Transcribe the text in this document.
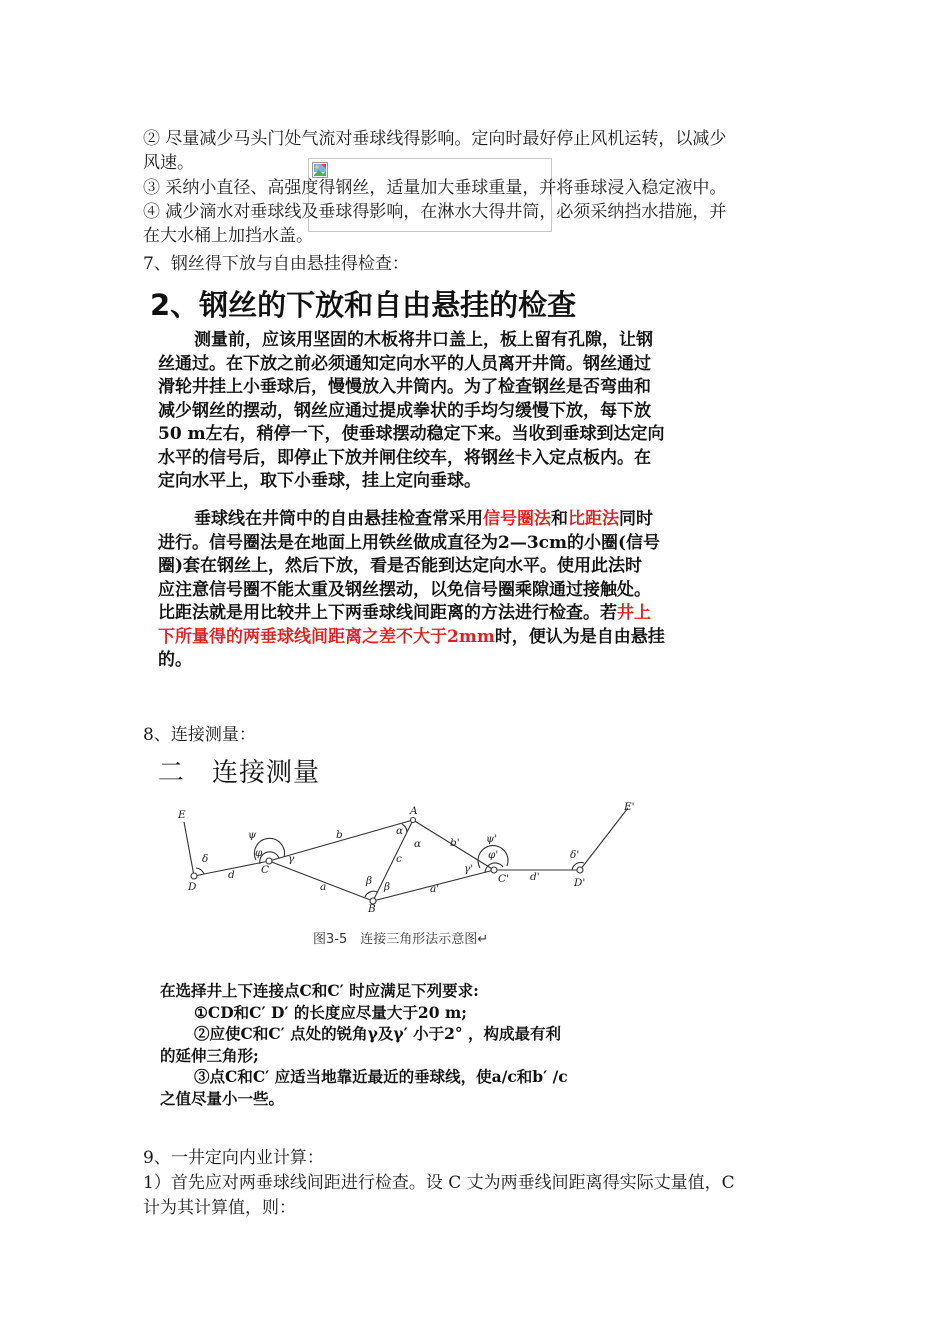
② 尽量减少马头门处气流对垂球线得影响。定向时最好停止风机运转，以减少
风速。
③ 采纳小直径、高强度得钢丝，适量加大垂球重量，并将垂球浸入稳定液中。
④ 减少滴水对垂球线及垂球得影响，在淋水大得井筒，必须采纳挡水措施，并
在大水桶上加挡水盖。
7、钢丝得下放与自由悬挂得检查：
2、钢丝的下放和自由悬挂的检查
测量前，应该用坚固的木板将井口盖上，板上留有孔隙，让钢
丝通过。在下放之前必须通知定向水平的人员离开井筒。钢丝通过
滑轮井挂上小垂球后，慢慢放入井筒内。为了检查钢丝是否弯曲和
减少钢丝的摆动，钢丝应通过提成拳状的手均匀缓慢下放，每下放
50 m左右，稍停一下，使垂球摆动稳定下来。当收到垂球到达定向
水平的信号后，即停止下放并闸住绞车，将钢丝卡入定点板内。在
定向水平上，取下小垂球，挂上定向垂球。
垂球线在井筒中的自由悬挂检查常采用信号圈法和比距法同时
进行。信号圈法是在地面上用铁丝做成直径为2—3cm的小圈(信号
圈)套在钢丝上，然后下放，看是否能到达定向水平。使用此法时
应注意信号圈不能太重及钢丝摆动，以免信号圈乘隙通过接触处。
比距法就是用比较井上下两垂球线间距离的方法进行检查。若井上
下所量得的两垂球线间距离之差不大于2mm时，便认为是自由悬挂
的。
8、连接测量：
二　连接测量
E
D
d
δ
ψ
φ
C
γ
b
a
A
α
α
c
β β
B
b'
a'
γ'
ψ'
φ'
C' d'
δ'
D'
E'
图3-5　连接三角形法示意图↵
在选择井上下连接点C和C′ 时应满足下列要求:
①CD和C′ D′ 的长度应尽量大于20 m;
②应使C和C′ 点处的锐角γ及γ′ 小于2° ，构成最有利
的延伸三角形;
③点C和C′ 应适当地靠近最近的垂球线，使a/c和b′ /c
之值尽量小一些。
9、一井定向内业计算：
1）首先应对两垂球线间距进行检查。设 C 丈为两垂线间距离得实际丈量值，C
计为其计算值，则：
